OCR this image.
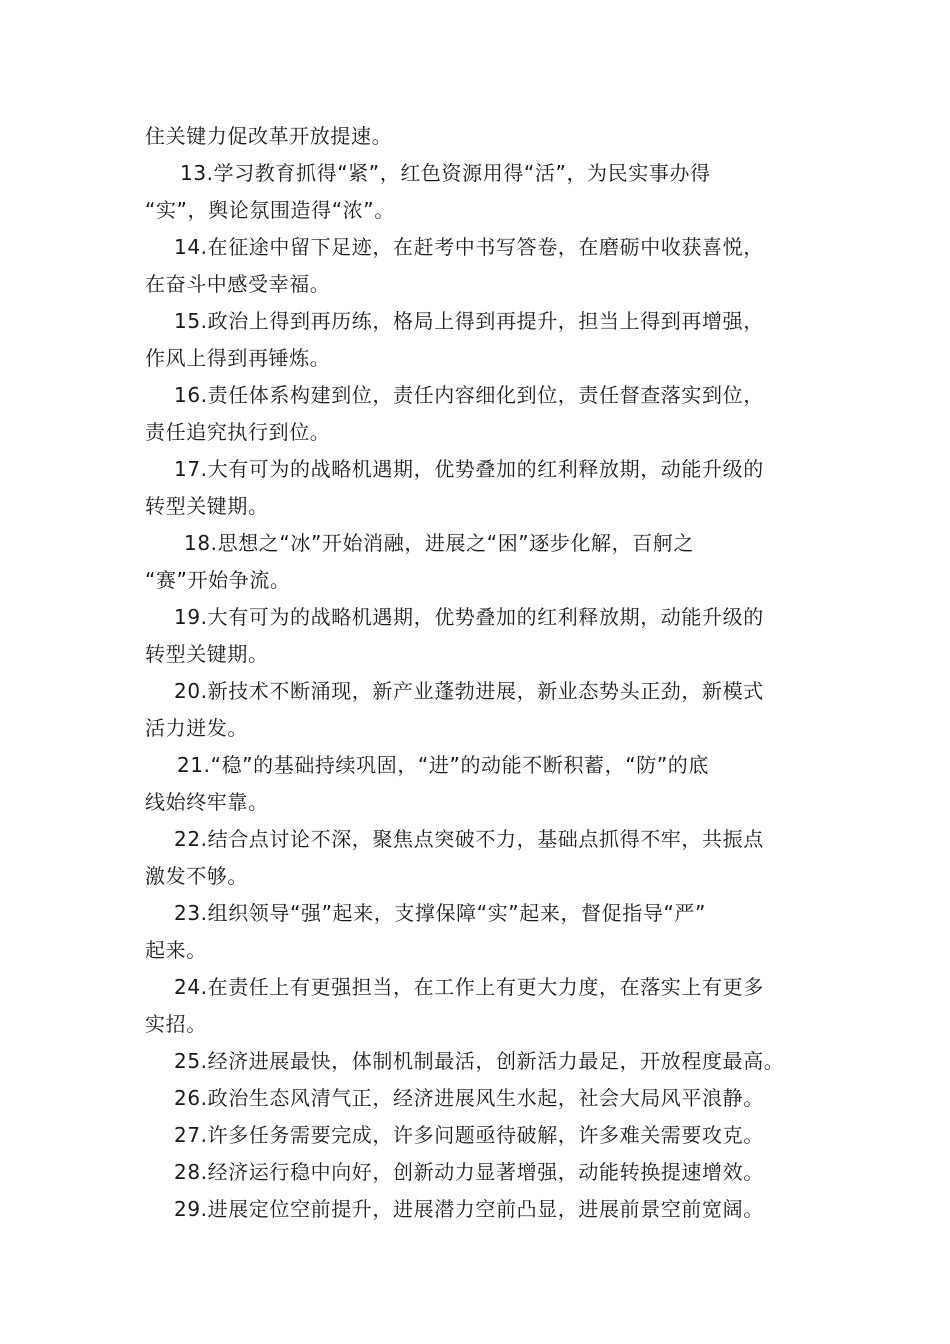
住关键力促改革开放提速。

13.学习教育抓得“紧”，红色资源用得“活”，为民实事办得
“实”，舆论氛围造得“浓”。

14.在征途中留下足迹，在赶考中书写答卷，在磨砺中收获喜悦，
在奋斗中感受幸福。

15.政治上得到再历练，格局上得到再提升，担当上得到再增强，
作风上得到再锤炼。

16.责任体系构建到位，责任内容细化到位，责任督查落实到位，
责任追究执行到位。

17.大有可为的战略机遇期，优势叠加的红利释放期，动能升级的
转型关键期。

18.思想之“冰”开始消融，进展之“困”逐步化解，百舸之
“赛”开始争流。

19.大有可为的战略机遇期，优势叠加的红利释放期，动能升级的
转型关键期。

20.新技术不断涌现，新产业蓬勃进展，新业态势头正劲，新模式
活力迸发。

21.“稳”的基础持续巩固，“进”的动能不断积蓄，“防”的底
线始终牢靠。

22.结合点讨论不深，聚焦点突破不力，基础点抓得不牢，共振点
激发不够。

23.组织领导“强”起来，支撑保障“实”起来，督促指导“严”
起来。

24.在责任上有更强担当，在工作上有更大力度，在落实上有更多
实招。

25.经济进展最快，体制机制最活，创新活力最足，开放程度最高。

26.政治生态风清气正，经济进展风生水起，社会大局风平浪静。

27.许多任务需要完成，许多问题亟待破解，许多难关需要攻克。

28.经济运行稳中向好，创新动力显著增强，动能转换提速增效。

29.进展定位空前提升，进展潜力空前凸显，进展前景空前宽阔。
